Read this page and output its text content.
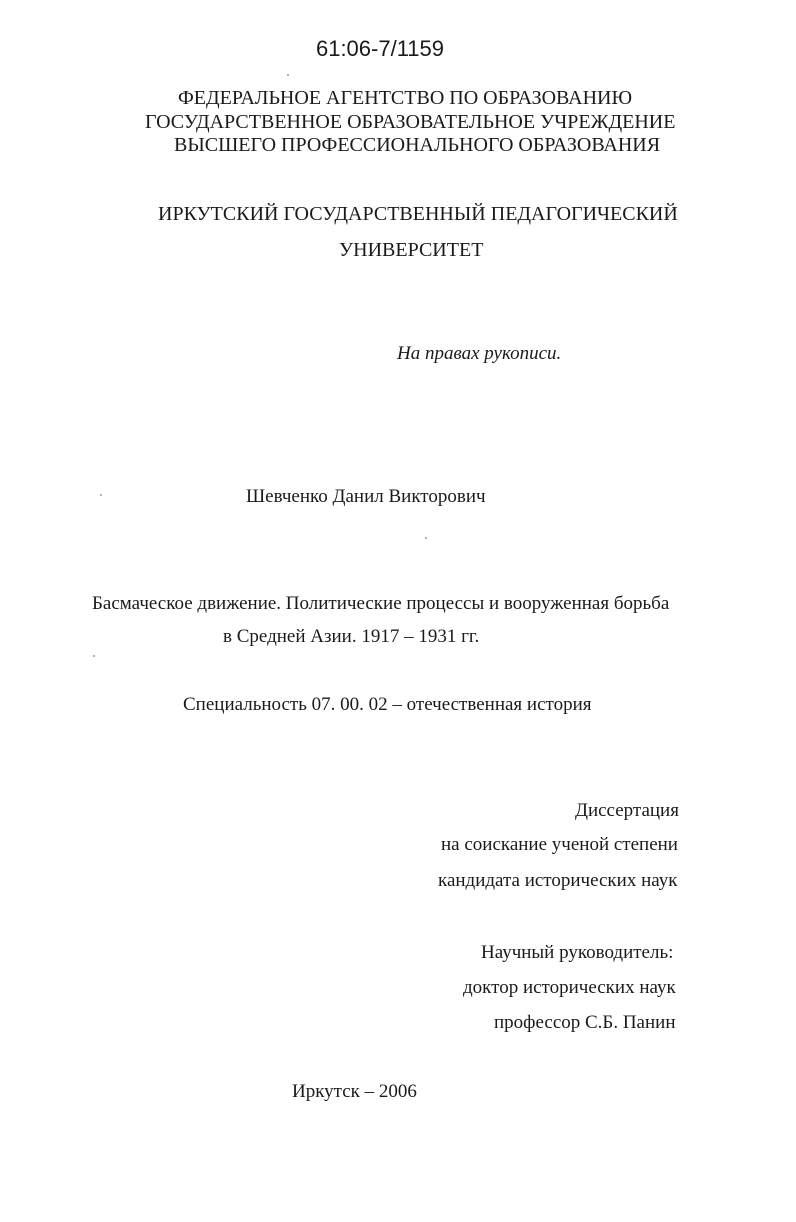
61:06-7/1159
ФЕДЕРАЛЬНОЕ АГЕНТСТВО ПО ОБРАЗОВАНИЮ
ГОСУДАРСТВЕННОЕ ОБРАЗОВАТЕЛЬНОЕ УЧРЕЖДЕНИЕ
ВЫСШЕГО ПРОФЕССИОНАЛЬНОГО ОБРАЗОВАНИЯ
ИРКУТСКИЙ ГОСУДАРСТВЕННЫЙ ПЕДАГОГИЧЕСКИЙ
УНИВЕРСИТЕТ
На правах рукописи.
Шевченко Данил Викторович
Басмаческое движение. Политические процессы и вооруженная борьба
в Средней Азии. 1917 – 1931 гг.
Специальность 07. 00. 02 – отечественная история
Диссертация
на соискание ученой степени
кандидата исторических наук
Научный руководитель:
доктор исторических наук
профессор С.Б. Панин
Иркутск – 2006
